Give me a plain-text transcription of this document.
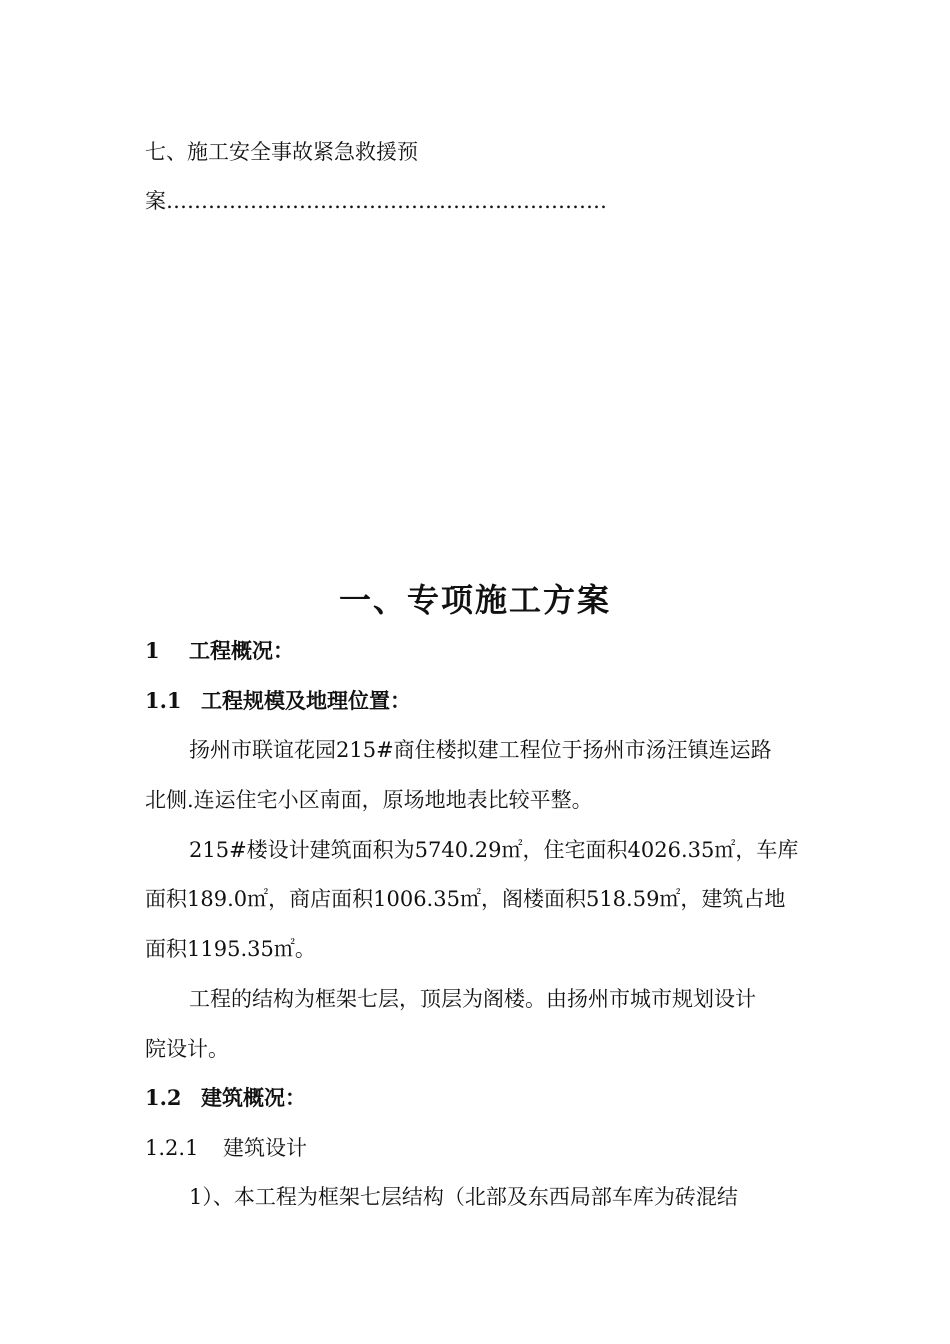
七、施工安全事故紧急救援预
案………………………………………………………
一、专项施工方案
1 工程概况：
1.1 工程规模及地理位置：
扬州市联谊花园215#商住楼拟建工程位于扬州市汤汪镇连运路
北侧.连运住宅小区南面，原场地地表比较平整。
215#楼设计建筑面积为5740.29㎡，住宅面积4026.35㎡，车库
面积189.0㎡，商店面积1006.35㎡，阁楼面积518.59㎡，建筑占地
面积1195.35㎡。
工程的结构为框架七层，顶层为阁楼。由扬州市城市规划设计
院设计。
1.2 建筑概况：
1.2.1 建筑设计
1）、本工程为框架七层结构（北部及东西局部车库为砖混结
